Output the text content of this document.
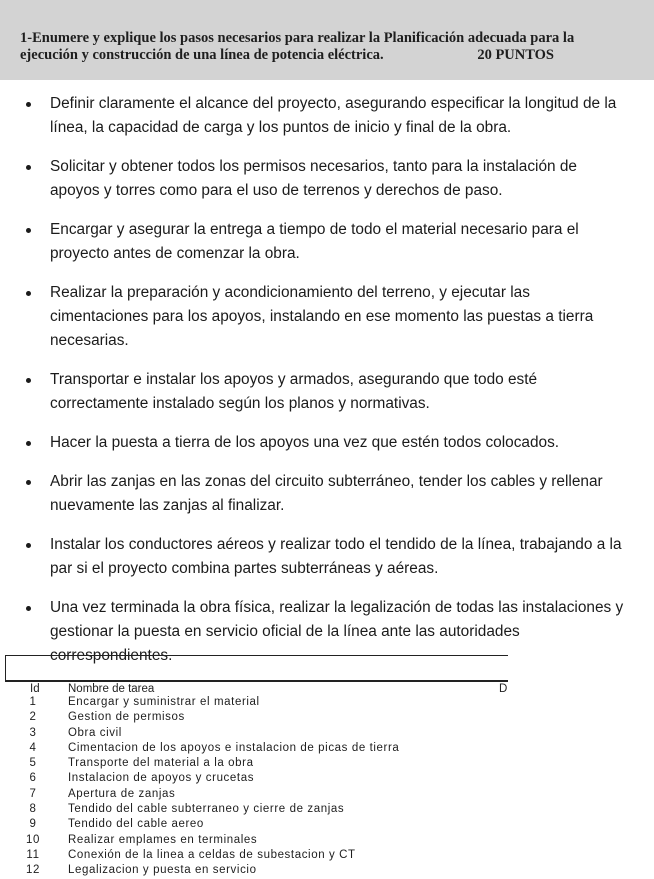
1-Enumere y explique los pasos necesarios para realizar la Planificación adecuada para la
ejecución y construcción de una línea de potencia eléctrica.	20 PUNTOS
Definir claramente el alcance del proyecto, asegurando especificar la longitud de la línea, la capacidad de carga y los puntos de inicio y final de la obra.
Solicitar y obtener todos los permisos necesarios, tanto para la instalación de apoyos y torres como para el uso de terrenos y derechos de paso.
Encargar y asegurar la entrega a tiempo de todo el material necesario para el proyecto antes de comenzar la obra.
Realizar la preparación y acondicionamiento del terreno, y ejecutar las cimentaciones para los apoyos, instalando en ese momento las puestas a tierra necesarias.
Transportar e instalar los apoyos y armados, asegurando que todo esté correctamente instalado según los planos y normativas.
Hacer la puesta a tierra de los apoyos una vez que estén todos colocados.
Abrir las zanjas en las zonas del circuito subterráneo, tender los cables y rellenar nuevamente las zanjas al finalizar.
Instalar los conductores aéreos y realizar todo el tendido de la línea, trabajando a la par si el proyecto combina partes subterráneas y aéreas.
Una vez terminada la obra física, realizar la legalización de todas las instalaciones y gestionar la puesta en servicio oficial de la línea ante las autoridades correspondientes.
Id Nombre de tarea	D
1	Encargar y suministrar el material
2	Gestion de permisos
3	Obra civil
4	Cimentacion de los apoyos e instalacion de picas de tierra
5	Transporte del material a la obra
6	Instalacion de apoyos y crucetas
7	Apertura de zanjas
8	Tendido del cable subterraneo y cierre de zanjas
9	Tendido del cable aereo
10	Realizar emplames en terminales
11	Conexión de la linea a celdas de subestacion y CT
12	Legalizacion y puesta en servicio
